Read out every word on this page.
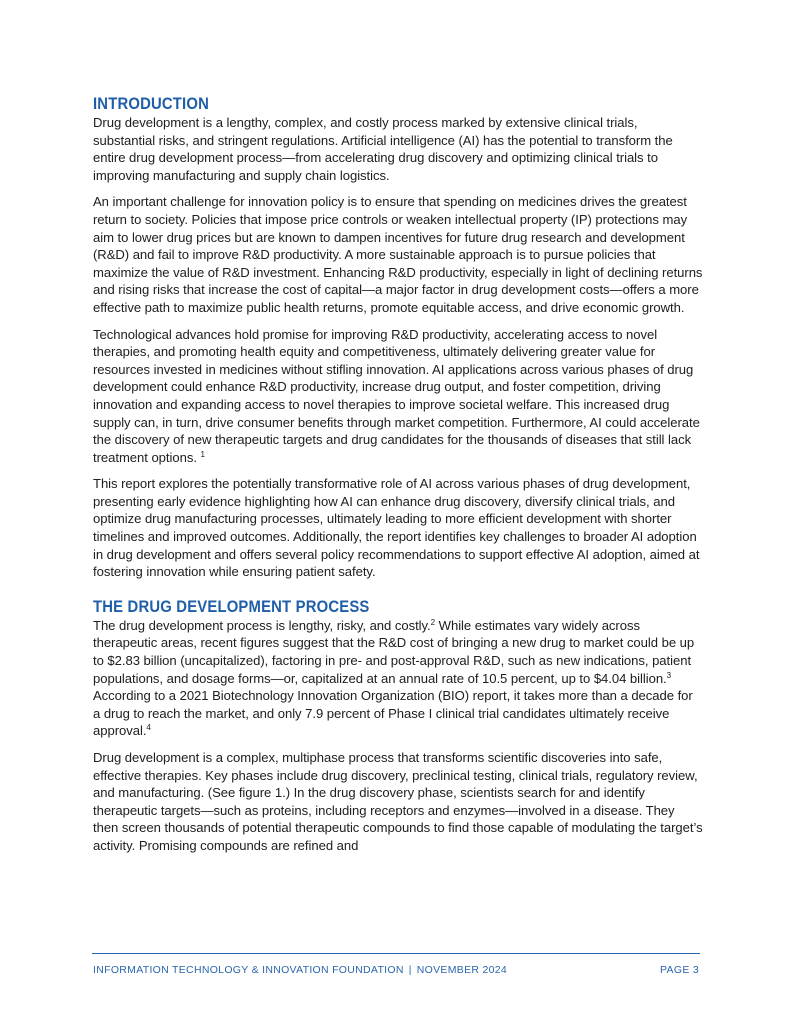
INTRODUCTION

Drug development is a lengthy, complex, and costly process marked by extensive clinical trials, substantial risks, and stringent regulations. Artificial intelligence (AI) has the potential to transform the entire drug development process—from accelerating drug discovery and optimizing clinical trials to improving manufacturing and supply chain logistics.

An important challenge for innovation policy is to ensure that spending on medicines drives the greatest return to society. Policies that impose price controls or weaken intellectual property (IP) protections may aim to lower drug prices but are known to dampen incentives for future drug research and development (R&D) and fail to improve R&D productivity. A more sustainable approach is to pursue policies that maximize the value of R&D investment. Enhancing R&D productivity, especially in light of declining returns and rising risks that increase the cost of capital—a major factor in drug development costs—offers a more effective path to maximize public health returns, promote equitable access, and drive economic growth.

Technological advances hold promise for improving R&D productivity, accelerating access to novel therapies, and promoting health equity and competitiveness, ultimately delivering greater value for resources invested in medicines without stifling innovation. AI applications across various phases of drug development could enhance R&D productivity, increase drug output, and foster competition, driving innovation and expanding access to novel therapies to improve societal welfare. This increased drug supply can, in turn, drive consumer benefits through market competition. Furthermore, AI could accelerate the discovery of new therapeutic targets and drug candidates for the thousands of diseases that still lack treatment options. $^1$

This report explores the potentially transformative role of AI across various phases of drug development, presenting early evidence highlighting how AI can enhance drug discovery, diversify clinical trials, and optimize drug manufacturing processes, ultimately leading to more efficient development with shorter timelines and improved outcomes. Additionally, the report identifies key challenges to broader AI adoption in drug development and offers several policy recommendations to support effective AI adoption, aimed at fostering innovation while ensuring patient safety.

THE DRUG DEVELOPMENT PROCESS

The drug development process is lengthy, risky, and costly.$^2$ While estimates vary widely across therapeutic areas, recent figures suggest that the R&D cost of bringing a new drug to market could be up to $2.83 billion (uncapitalized), factoring in pre- and post-approval R&D, such as new indications, patient populations, and dosage forms—or, capitalized at an annual rate of 10.5 percent, up to $4.04 billion.$^3$ According to a 2021 Biotechnology Innovation Organization (BIO) report, it takes more than a decade for a drug to reach the market, and only 7.9 percent of Phase I clinical trial candidates ultimately receive approval.$^4$

Drug development is a complex, multiphase process that transforms scientific discoveries into safe, effective therapies. Key phases include drug discovery, preclinical testing, clinical trials, regulatory review, and manufacturing. (See figure 1.) In the drug discovery phase, scientists search for and identify therapeutic targets—such as proteins, including receptors and enzymes—involved in a disease. They then screen thousands of potential therapeutic compounds to find those capable of modulating the target’s activity. Promising compounds are refined and

INFORMATION TECHNOLOGY & INNOVATION FOUNDATION | NOVEMBER 2024	PAGE 3
